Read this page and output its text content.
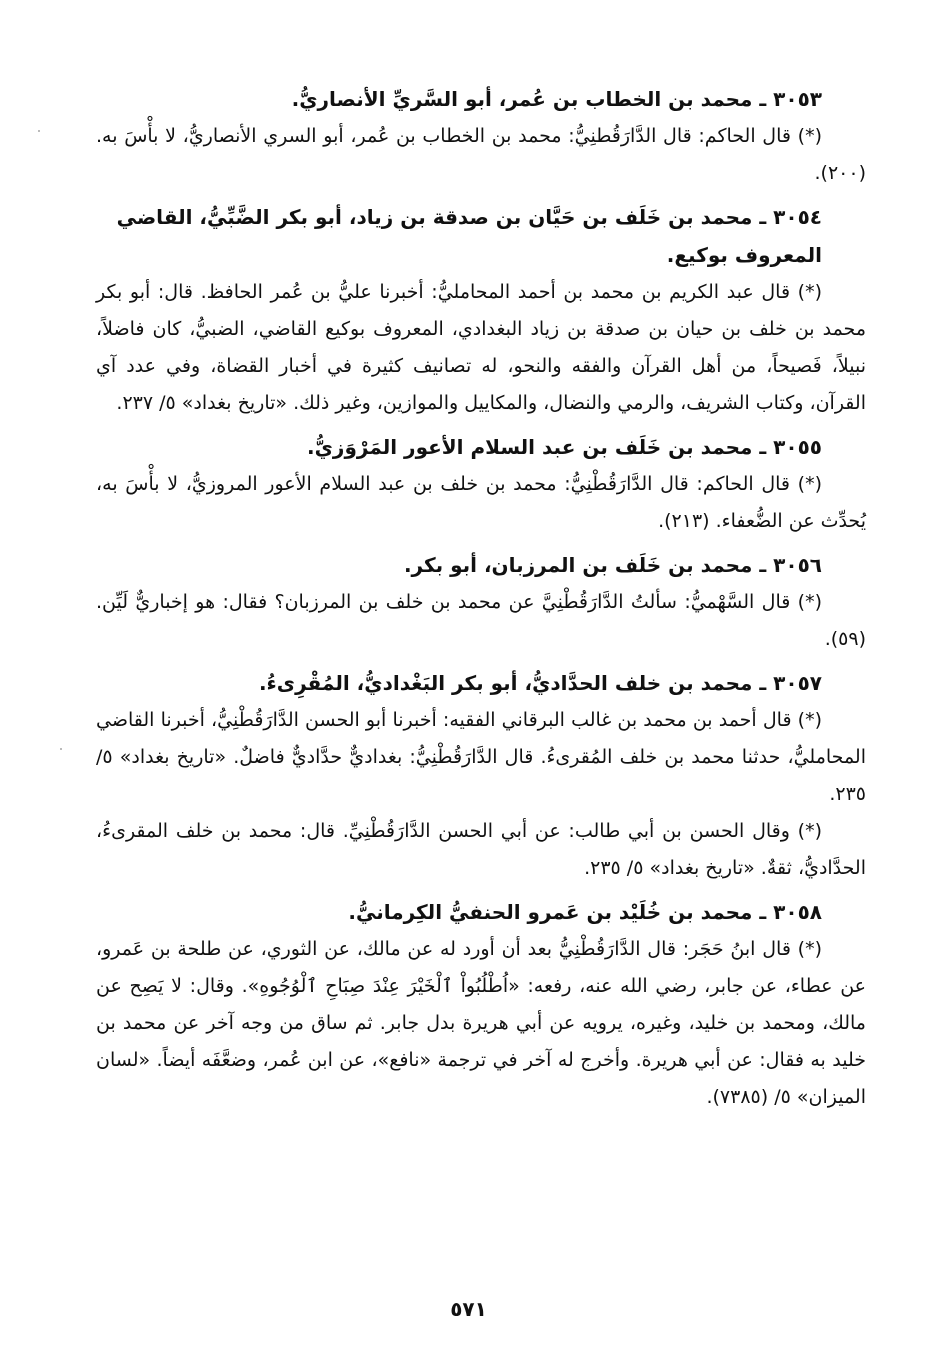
٣٠٥٣ ـ محمد بن الخطاب بن عُمر، أبو السَّريِّ الأنصاريُّ.

(*) قال الحاكم: قال الدَّارَقُطنِيُّ: محمد بن الخطاب بن عُمر، أبو السري الأنصاريُّ، لا بأْسَ به. (٢٠٠).

٣٠٥٤ ـ محمد بن خَلَف بن حَيَّان بن صدقة بن زياد، أبو بكر الضَّبِّيُّ، القاضي المعروف بوكيع.

(*) قال عبد الكريم بن محمد بن أحمد المحامليُّ: أخبرنا عليُّ بن عُمر الحافظ. قال: أبو بكر محمد بن خلف بن حيان بن صدقة بن زياد البغدادي، المعروف بوكيع القاضي، الضبيُّ، كان فاضلاً، نبيلاً، فَصيحاً، من أهل القرآن والفقه والنحو، له تصانيف كثيرة في أخبار القضاة، وفي عدد آي القرآن، وكتاب الشريف، والرمي والنضال، والمكاييل والموازين، وغير ذلك. «تاريخ بغداد» ٥/ ٢٣٧.

٣٠٥٥ ـ محمد بن خَلَف بن عبد السلام الأعور المَرْوَزيُّ.

(*) قال الحاكم: قال الدَّارَقُطْنِيُّ: محمد بن خلف بن عبد السلام الأعور المروزيُّ، لا بأْسَ به، يُحدِّث عن الضُّعفاء. (٢١٣).

٣٠٥٦ ـ محمد بن خَلَف بن المرزبان، أبو بكر.

(*) قال السَّهْميُّ: سألتُ الدَّارَقُطْنِيَّ عن محمد بن خلف بن المرزبان؟ فقال: هو إخباريٌّ لَيِّن. (٥٩).

٣٠٥٧ ـ محمد بن خلف الحدَّاديُّ، أبو بكر البَغْداديُّ، المُقْرِىءُ.

(*) قال أحمد بن محمد بن غالب البرقاني الفقيه: أخبرنا أبو الحسن الدَّارَقُطْنِيُّ، أخبرنا القاضي المحامليُّ، حدثنا محمد بن خلف المُقرىءُ. قال الدَّارَقُطْنِيُّ: بغداديٌّ حدَّاديٌّ فاضلٌ. «تاريخ بغداد» ٥/ ٢٣٥.

(*) وقال الحسن بن أبي طالب: عن أبي الحسن الدَّارَقُطْنِيِّ. قال: محمد بن خلف المقرىءُ، الحدَّاديُّ، ثقةٌ. «تاريخ بغداد» ٥/ ٢٣٥.

٣٠٥٨ ـ محمد بن خُلَيْد بن عَمرو الحنفيُّ الكِرمانيُّ.

(*) قال ابنُ حَجَر: قال الدَّارَقُطْنِيُّ بعد أن أورد له عن مالك، عن الثوري، عن طلحة بن عَمرو، عن عطاء، عن جابر، رضي الله عنه، رفعه: «اُطْلُبُواْ ٱلْخَيْرَ عِنْدَ صِبَاحِ ٱلْوُجُوهِ». وقال: لا يَصِح عن مالك، ومحمد بن خليد، وغيره، يرويه عن أبي هريرة بدل جابر. ثم ساق من وجه آخر عن محمد بن خليد به فقال: عن أبي هريرة. وأخرج له آخر في ترجمة «نافع»، عن ابن عُمر، وضعَّفَه أيضاً. «لسان الميزان» ٥/ (٧٣٨٥).

٥٧١
